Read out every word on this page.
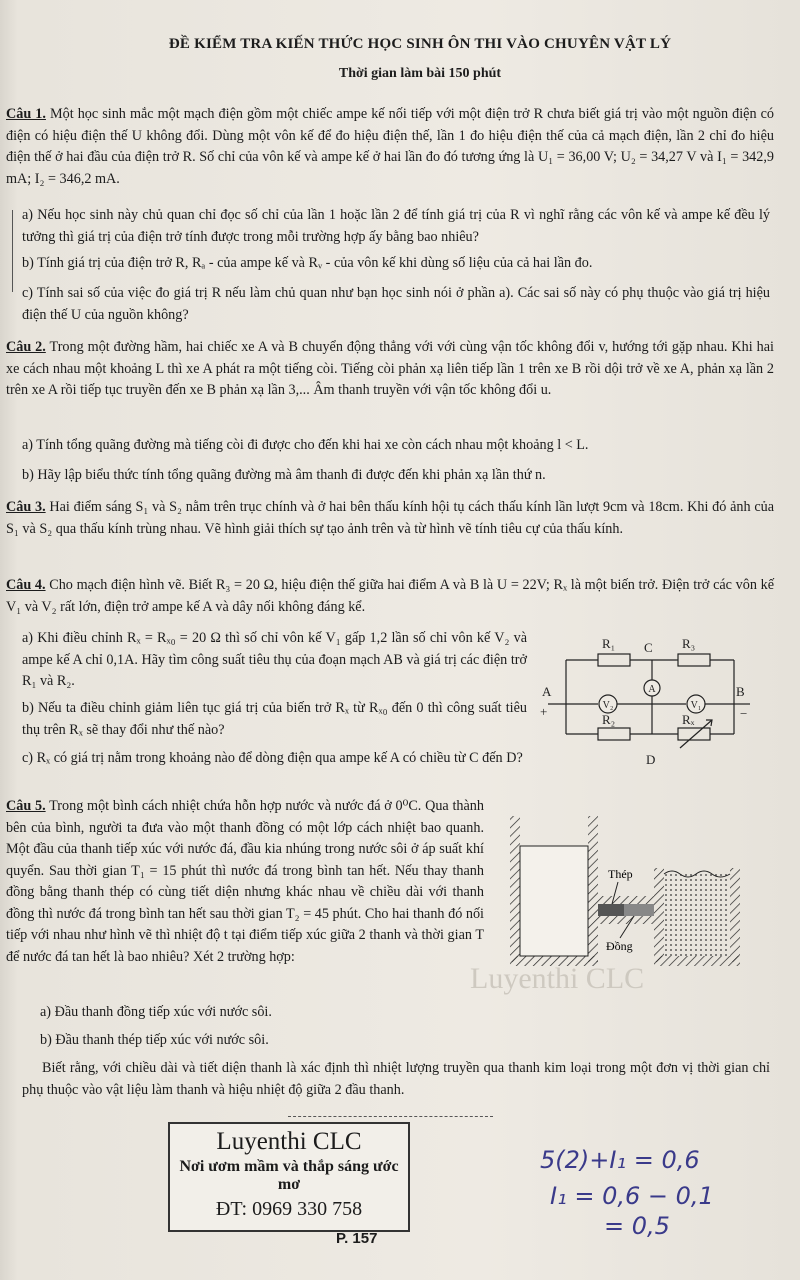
ĐỀ KIỂM TRA KIẾN THỨC HỌC SINH ÔN THI VÀO CHUYÊN VẬT LÝ
Thời gian làm bài 150 phút
Câu 1. Một học sinh mắc một mạch điện gồm một chiếc ampe kế nối tiếp với một điện trở R chưa biết giá trị vào một nguồn điện có điện có hiệu điện thế U không đổi. Dùng một vôn kế để đo hiệu điện thế, lần 1 đo hiệu điện thế của cả mạch điện, lần 2 chỉ đo hiệu điện thế ở hai đầu của điện trở R. Số chỉ của vôn kế và ampe kế ở hai lần đo đó tương ứng là U₁ = 36,00 V; U₂ = 34,27 V và I₁ = 342,9 mA; I₂ = 346,2 mA.
a) Nếu học sinh này chủ quan chỉ đọc số chỉ của lần 1 hoặc lần 2 để tính giá trị của R vì nghĩ rằng các vôn kế và ampe kế đều lý tưởng thì giá trị của điện trở tính được trong mỗi trường hợp ấy bằng bao nhiêu?
b) Tính giá trị của điện trở R, Rₐ - của ampe kế và Rᵥ - của vôn kế khi dùng số liệu của cả hai lần đo.
c) Tính sai số của việc đo giá trị R nếu làm chủ quan như bạn học sinh nói ở phần a). Các sai số này có phụ thuộc vào giá trị hiệu điện thế U của nguồn không?
Câu 2. Trong một đường hầm, hai chiếc xe A và B chuyển động thẳng với với cùng vận tốc không đổi v, hướng tới gặp nhau. Khi hai xe cách nhau một khoảng L thì xe A phát ra một tiếng còi. Tiếng còi phản xạ liên tiếp lần 1 trên xe B rồi dội trở về xe A, phản xạ lần 2 trên xe A rồi tiếp tục truyền đến xe B phản xạ lần 3,... Âm thanh truyền với vận tốc không đổi u.
a) Tính tổng quãng đường mà tiếng còi đi được cho đến khi hai xe còn cách nhau một khoảng l < L.
b) Hãy lập biểu thức tính tổng quãng đường mà âm thanh đi được đến khi phản xạ lần thứ n.
Câu 3. Hai điểm sáng S₁ và S₂ nằm trên trục chính và ở hai bên thấu kính hội tụ cách thấu kính lần lượt 9cm và 18cm. Khi đó ảnh của S₁ và S₂ qua thấu kính trùng nhau. Vẽ hình giải thích sự tạo ảnh trên và từ hình vẽ tính tiêu cự của thấu kính.
Câu 4. Cho mạch điện hình vẽ. Biết R₃ = 20 Ω, hiệu điện thế giữa hai điểm A và B là U = 22V; Rₓ là một biến trở. Điện trở các vôn kế V₁ và V₂ rất lớn, điện trở ampe kế A và dây nối không đáng kể.
a) Khi điều chỉnh Rₓ = Rₓ₀ = 20 Ω thì số chỉ vôn kế V₁ gấp 1,2 lần số chỉ vôn kế V₂ và ampe kế A chỉ 0,1A. Hãy tìm công suất tiêu thụ của đoạn mạch AB và giá trị các điện trở R₁ và R₂.
b) Nếu ta điều chỉnh giảm liên tục giá trị của biến trở Rₓ từ Rₓ₀ đến 0 thì công suất tiêu thụ trên Rₓ sẽ thay đổi như thế nào?
c) Rₓ có giá trị nằm trong khoảng nào để dòng điện qua ampe kế A có chiều từ C đến D?
R₁	R₃
C
R₂	Rₓ
D
A	B
+	−
A
V₂	V₁
Câu 5. Trong một bình cách nhiệt chứa hỗn hợp nước và nước đá ở 0⁰C. Qua thành bên của bình, người ta đưa vào một thanh đồng có một lớp cách nhiệt bao quanh. Một đầu của thanh tiếp xúc với nước đá, đầu kia nhúng trong nước sôi ở áp suất khí quyển. Sau thời gian T₁ = 15 phút thì nước đá trong bình tan hết. Nếu thay thanh đồng bằng thanh thép có cùng tiết diện nhưng khác nhau về chiều dài với thanh đồng thì nước đá trong bình tan hết sau thời gian T₂ = 45 phút. Cho hai thanh đó nối tiếp với nhau như hình vẽ thì nhiệt độ t tại điểm tiếp xúc giữa 2 thanh và thời gian T để nước đá tan hết là bao nhiêu? Xét 2 trường hợp:
a) Đầu thanh đồng tiếp xúc với nước sôi.
b) Đầu thanh thép tiếp xúc với nước sôi.
Biết rằng, với chiều dài và tiết diện thanh là xác định thì nhiệt lượng truyền qua thanh kim loại trong một đơn vị thời gian chỉ phụ thuộc vào vật liệu làm thanh và hiệu nhiệt độ giữa 2 đầu thanh.
Thép
Đồng
Luyenthi CLC
Luyenthi CLC
Nơi ươm mầm và thắp sáng ước mơ
ĐT: 0969 330 758
P. 157
5(2)+I₁ = 0,6
I₁ = 0,6 − 0,1
= 0,5
